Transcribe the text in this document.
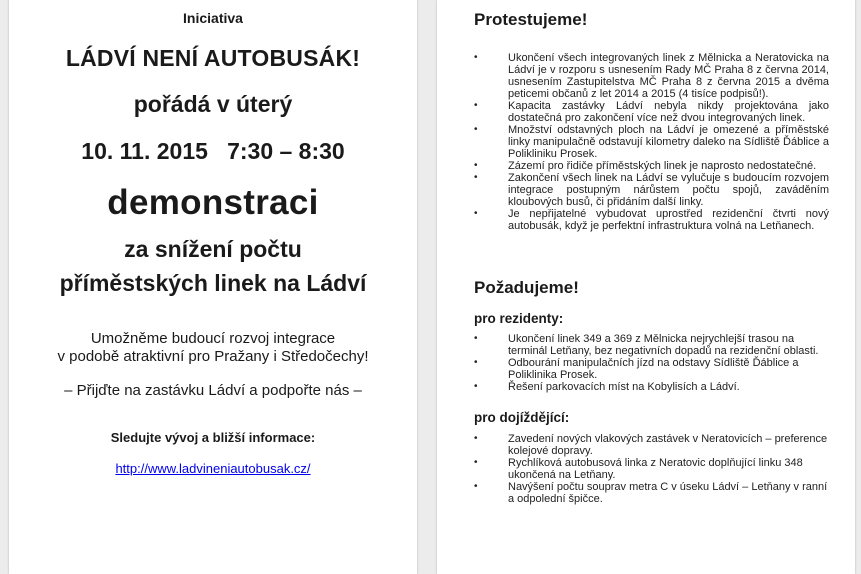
Iniciativa
LÁDVÍ NENÍ AUTOBUSÁK!
pořádá v úterý
10. 11. 2015   7:30 – 8:30
demonstraci
za snížení počtu
příměstských linek na Ládví
Umožněme budoucí rozvoj integrace
v podobě atraktivní pro Pražany i Středočechy!
– Přijďte na zastávku Ládví a podpořte nás –
Sledujte vývoj a bližší informace:
http://www.ladvineniautobusak.cz/
Protestujeme!
•	Ukončení všech integrovaných linek z Mělnicka a Neratovicka na Ládví je v rozporu s usnesením Rady MČ Praha 8 z června 2014, usnesením Zastupitelstva MČ Praha 8 z června 2015 a dvěma peticemi občanů z let 2014 a 2015 (4 tisíce podpisů!).
•	Kapacita zastávky Ládví nebyla nikdy projektována jako dostatečná pro zakončení více než dvou integrovaných linek.
•	Množství odstavných ploch na Ládví je omezené a příměstské linky manipulačně odstavují kilometry daleko na Sídliště Ďáblice a Polikliniku Prosek.
•	Zázemí pro řidiče příměstských linek je naprosto nedostatečné.
•	Zakončení všech linek na Ládví se vylučuje s budoucím rozvojem integrace postupným nárůstem počtu spojů, zaváděním kloubových busů, či přidáním další linky.
•	Je nepřijatelné vybudovat uprostřed rezidenční čtvrti nový autobusák, když je perfektní infrastruktura volná na Letňanech.
Požadujeme!
pro rezidenty:
•	Ukončení linek 349 a 369 z Mělnicka nejrychlejší trasou na terminál Letňany, bez negativních dopadů na rezidenční oblasti.
•	Odbourání manipulačních jízd na odstavy Sídliště Ďáblice a Poliklinika Prosek.
•	Řešení parkovacích míst na Kobylisích a Ládví.
pro dojíždějící:
•	Zavedení nových vlakových zastávek v Neratovicích – preference kolejové dopravy.
•	Rychlíková autobusová linka z Neratovic doplňující linku 348 ukončená na Letňany.
•	Navýšení počtu souprav metra C v úseku Ládví – Letňany v ranní a odpolední špičce.
